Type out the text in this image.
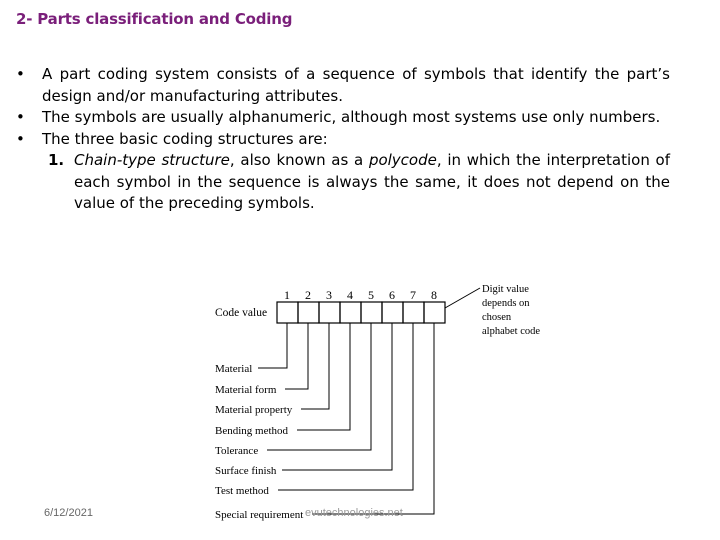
2- Parts classification and Coding
•	A part coding system consists of a sequence of symbols that identify the part’s design and/or manufacturing attributes.
•	The symbols are usually alphanumeric, although most systems use only numbers.
•	The three basic coding structures are:
1. Chain-type structure, also known as a polycode, in which the interpretation of each symbol in the sequence is always the same, it does not depend on the value of the preceding symbols.
1 2 3 4 5 6 7 8
Code value
Material
Material form
Material property
Bending method
Tolerance
Surface finish
Test method
Special requirement
Digit value
depends on
chosen
alphabet code
6/12/2021	evutechnologies.net
